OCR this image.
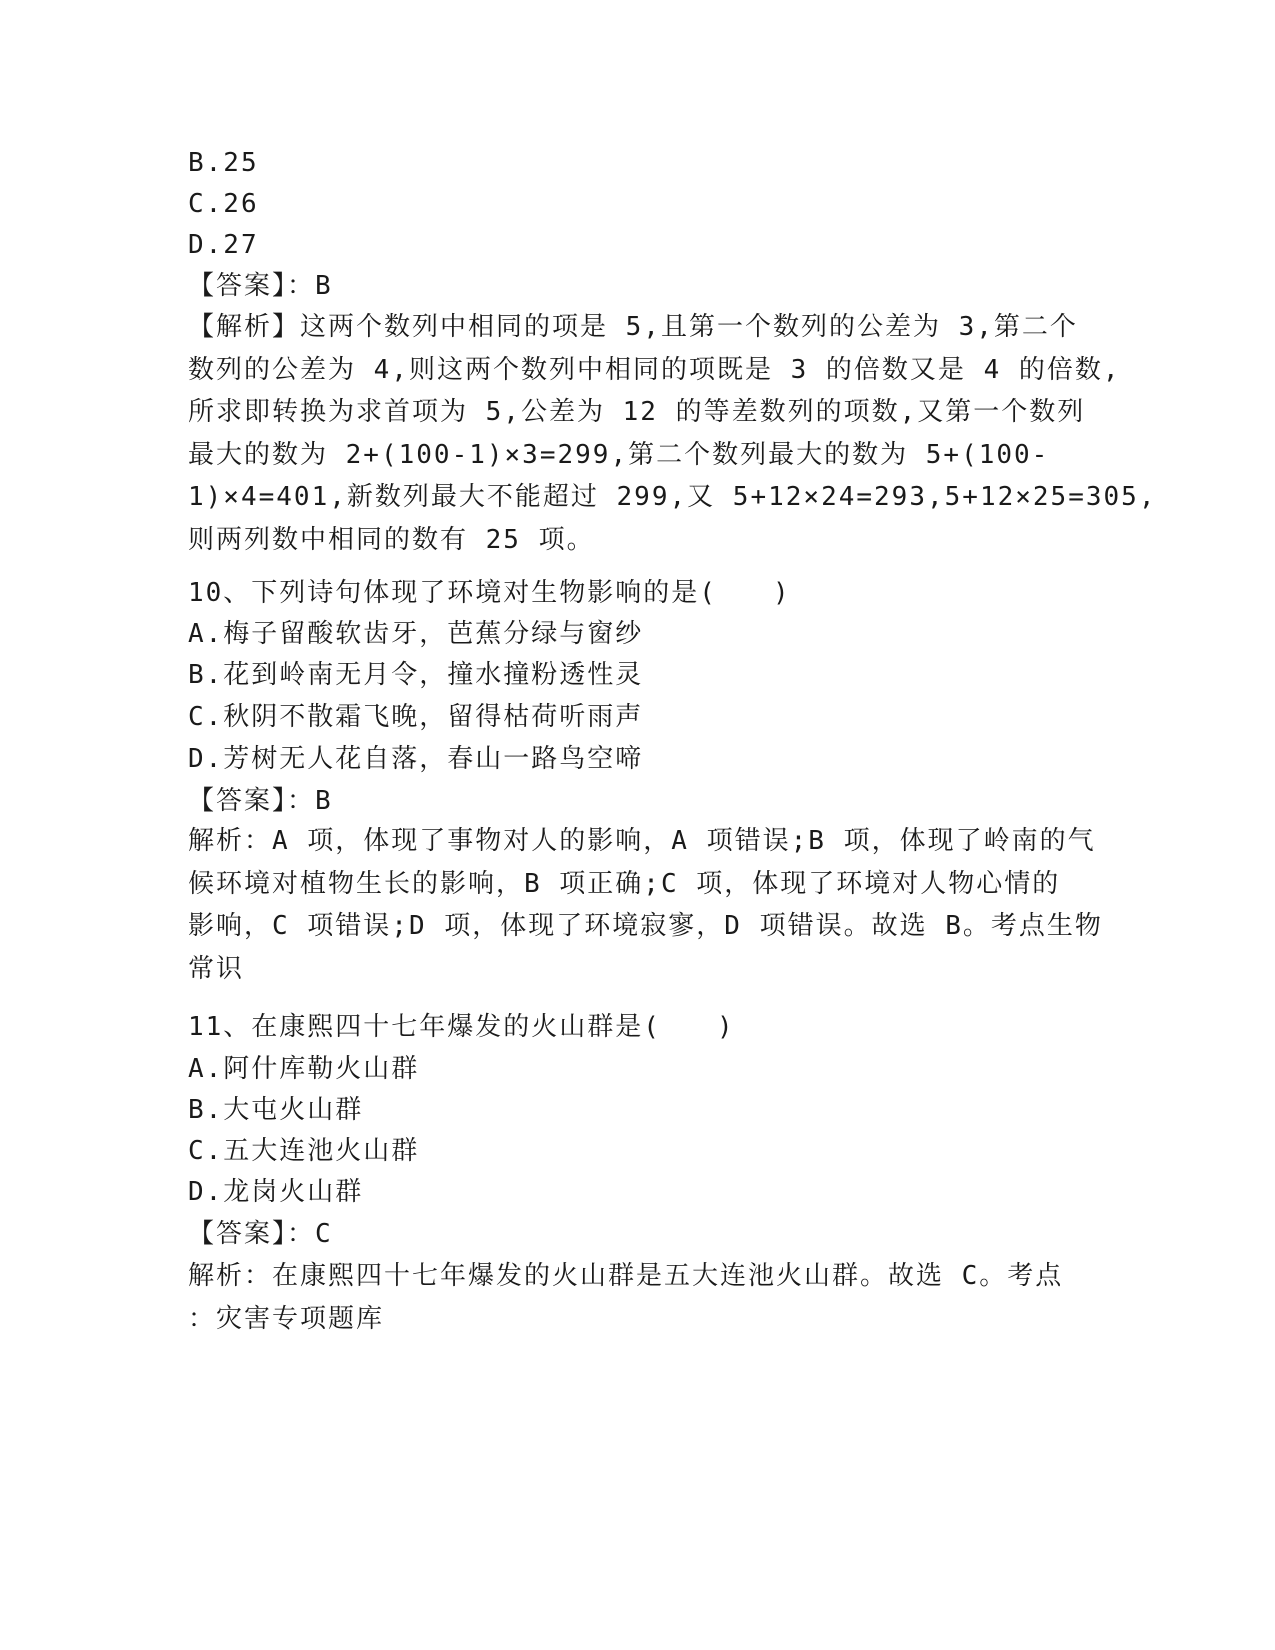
B.25
C.26
D.27
【答案】：B
【解析】这两个数列中相同的项是 5,且第一个数列的公差为 3,第二个
数列的公差为 4,则这两个数列中相同的项既是 3 的倍数又是 4 的倍数,
所求即转换为求首项为 5,公差为 12 的等差数列的项数,又第一个数列
最大的数为 2+(100-1)×3=299,第二个数列最大的数为 5+(100-
1)×4=401,新数列最大不能超过 299,又 5+12×24=293,5+12×25=305,
则两列数中相同的数有 25 项。
10、下列诗句体现了环境对生物影响的是(　　)
A.梅子留酸软齿牙，芭蕉分绿与窗纱
B.花到岭南无月令，撞水撞粉透性灵
C.秋阴不散霜飞晚，留得枯荷听雨声
D.芳树无人花自落，春山一路鸟空啼
【答案】：B
解析：A 项，体现了事物对人的影响，A 项错误;B 项，体现了岭南的气
候环境对植物生长的影响，B 项正确;C 项，体现了环境对人物心情的
影响，C 项错误;D 项，体现了环境寂寥，D 项错误。故选 B。考点生物
常识
11、在康熙四十七年爆发的火山群是(　　)
A.阿什库勒火山群
B.大屯火山群
C.五大连池火山群
D.龙岗火山群
【答案】：C
解析：在康熙四十七年爆发的火山群是五大连池火山群。故选 C。考点
：灾害专项题库
